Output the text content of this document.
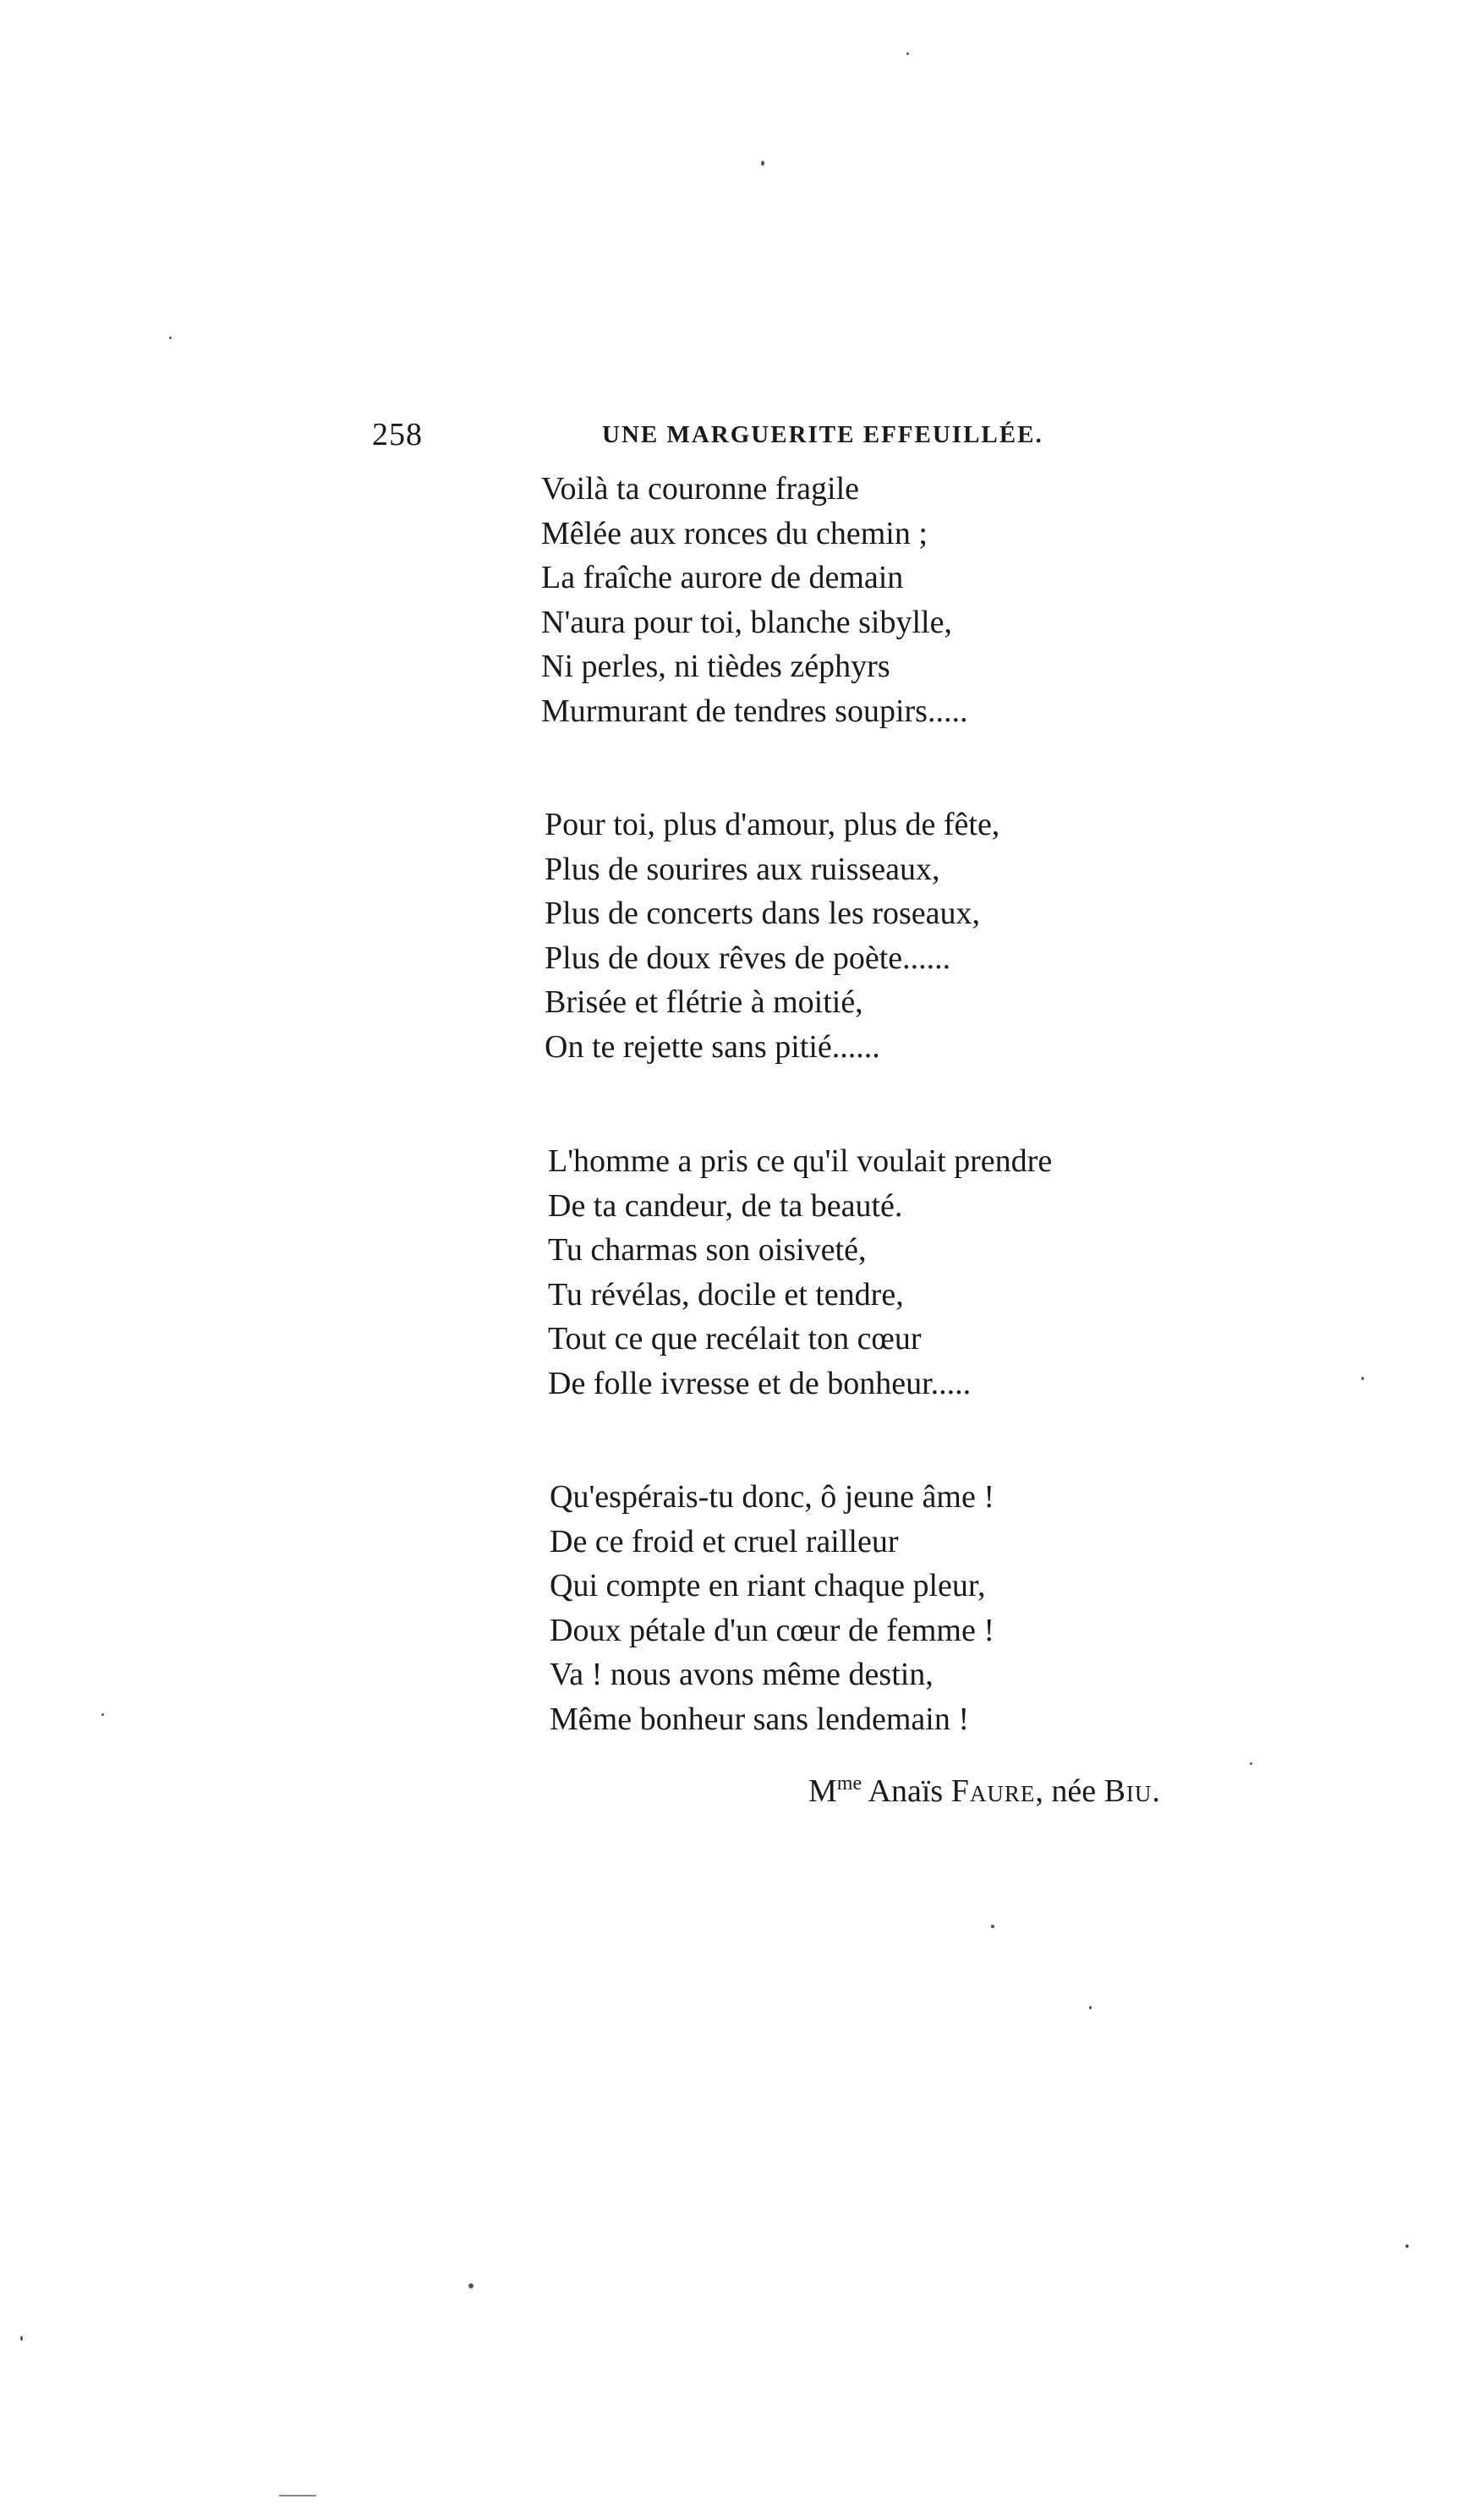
258	UNE MARGUERITE EFFEUILLÉE.
Voilà ta couronne fragile
Mêlée aux ronces du chemin ;
La fraîche aurore de demain
N'aura pour toi, blanche sibylle,
Ni perles, ni tièdes zéphyrs
Murmurant de tendres soupirs.....
Pour toi, plus d'amour, plus de fête,
Plus de sourires aux ruisseaux,
Plus de concerts dans les roseaux,
Plus de doux rêves de poète......
Brisée et flétrie à moitié,
On te rejette sans pitié......
L'homme a pris ce qu'il voulait prendre
De ta candeur, de ta beauté.
Tu charmas son oisiveté,
Tu révélas, docile et tendre,
Tout ce que recélait ton cœur
De folle ivresse et de bonheur.....
Qu'espérais-tu donc, ô jeune âme !
De ce froid et cruel railleur
Qui compte en riant chaque pleur,
Doux pétale d'un cœur de femme !
Va ! nous avons même destin,
Même bonheur sans lendemain !
$M^{me}$ Anaïs Faure, née Biu.
